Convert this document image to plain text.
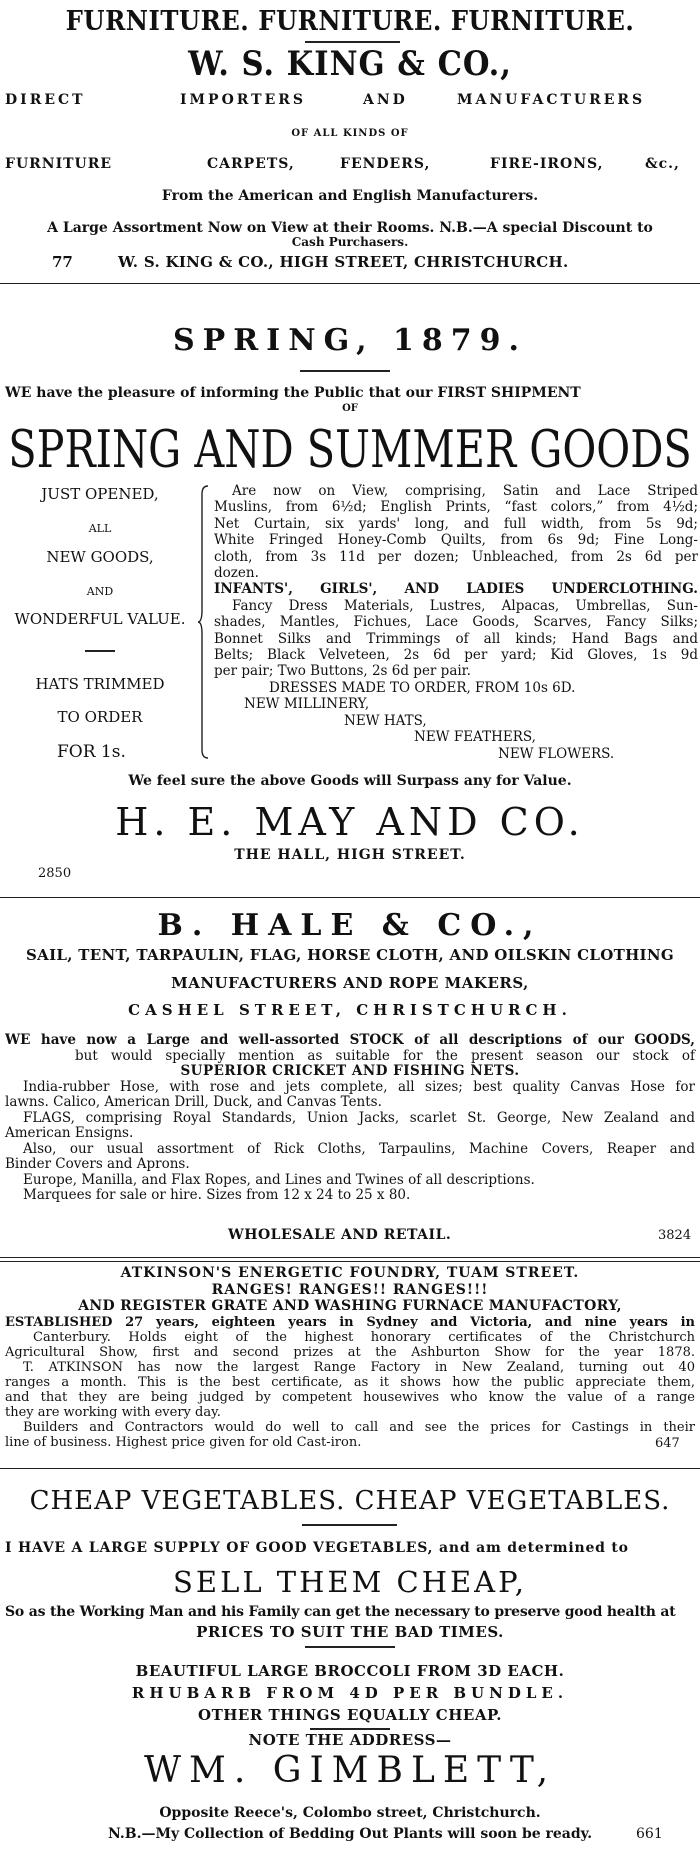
FURNITURE. FURNITURE. FURNITURE.
W. S. KING & CO.,
DIRECT	IMPORTERS	AND	MANUFACTURERS
OF ALL KINDS OF
FURNITURE	CARPETS,	FENDERS,	FIRE-IRONS,	&c.,
From the American and English Manufacturers.
A Large Assortment Now on View at their Rooms. N.B.—A special Discount to
Cash Purchasers.
77	W. S. KING & CO., HIGH STREET, CHRISTCHURCH.
SPRING, 1879.
WE have the pleasure of informing the Public that our FIRST SHIPMENT
OF
SPRING AND SUMMER GOODS
JUST OPENED,
ALL
NEW GOODS,
AND
WONDERFUL VALUE.
HATS TRIMMED
TO ORDER
FOR 1s.
Are now on View, comprising, Satin and Lace Striped
Muslins, from 6½d; English Prints, “fast colors,” from 4½d;
Net Curtain, six yards' long, and full width, from 5s 9d;
White Fringed Honey-Comb Quilts, from 6s 9d; Fine Long-
cloth, from 3s 11d per dozen; Unbleached, from 2s 6d per
dozen.
INFANTS', GIRLS', AND LADIES UNDERCLOTHING.
Fancy Dress Materials, Lustres, Alpacas, Umbrellas, Sun-
shades, Mantles, Fichues, Lace Goods, Scarves, Fancy Silks;
Bonnet Silks and Trimmings of all kinds; Hand Bags and
Belts; Black Velveteen, 2s 6d per yard; Kid Gloves, 1s 9d
per pair; Two Buttons, 2s 6d per pair.
DRESSES MADE TO ORDER, FROM 10s 6D.
NEW MILLINERY,
NEW HATS,
NEW FEATHERS,
NEW FLOWERS.
We feel sure the above Goods will Surpass any for Value.
H. E. MAY AND CO.
THE HALL, HIGH STREET.
2850
B. HALE & CO.,
SAIL, TENT, TARPAULIN, FLAG, HORSE CLOTH, AND OILSKIN CLOTHING
MANUFACTURERS AND ROPE MAKERS,
CASHEL STREET, CHRISTCHURCH.
WE have now a Large and well-assorted STOCK of all descriptions of our GOODS,
but would specially mention as suitable for the present season our stock of
SUPERIOR CRICKET AND FISHING NETS.
India-rubber Hose, with rose and jets complete, all sizes; best quality Canvas Hose for
lawns. Calico, American Drill, Duck, and Canvas Tents.
FLAGS, comprising Royal Standards, Union Jacks, scarlet St. George, New Zealand and
American Ensigns.
Also, our usual assortment of Rick Cloths, Tarpaulins, Machine Covers, Reaper and
Binder Covers and Aprons.
Europe, Manilla, and Flax Ropes, and Lines and Twines of all descriptions.
Marquees for sale or hire. Sizes from 12 x 24 to 25 x 80.
WHOLESALE AND RETAIL.	3824
ATKINSON'S ENERGETIC FOUNDRY, TUAM STREET.
RANGES! RANGES!! RANGES!!!
AND REGISTER GRATE AND WASHING FURNACE MANUFACTORY,
ESTABLISHED 27 years, eighteen years in Sydney and Victoria, and nine years in
Canterbury. Holds eight of the highest honorary certificates of the Christchurch
Agricultural Show, first and second prizes at the Ashburton Show for the year 1878.
T. ATKINSON has now the largest Range Factory in New Zealand, turning out 40
ranges a month. This is the best certificate, as it shows how the public appreciate them,
and that they are being judged by competent housewives who know the value of a range
they are working with every day.
Builders and Contractors would do well to call and see the prices for Castings in their
line of business. Highest price given for old Cast-iron.	647
CHEAP VEGETABLES. CHEAP VEGETABLES.
I HAVE A LARGE SUPPLY OF GOOD VEGETABLES, and am determined to
SELL THEM CHEAP,
So as the Working Man and his Family can get the necessary to preserve good health at
PRICES TO SUIT THE BAD TIMES.
BEAUTIFUL LARGE BROCCOLI FROM 3D EACH.
RHUBARB FROM 4D PER BUNDLE.
OTHER THINGS EQUALLY CHEAP.
NOTE THE ADDRESS—
WM. GIMBLETT,
Opposite Reece's, Colombo street, Christchurch.
N.B.—My Collection of Bedding Out Plants will soon be ready.	661
